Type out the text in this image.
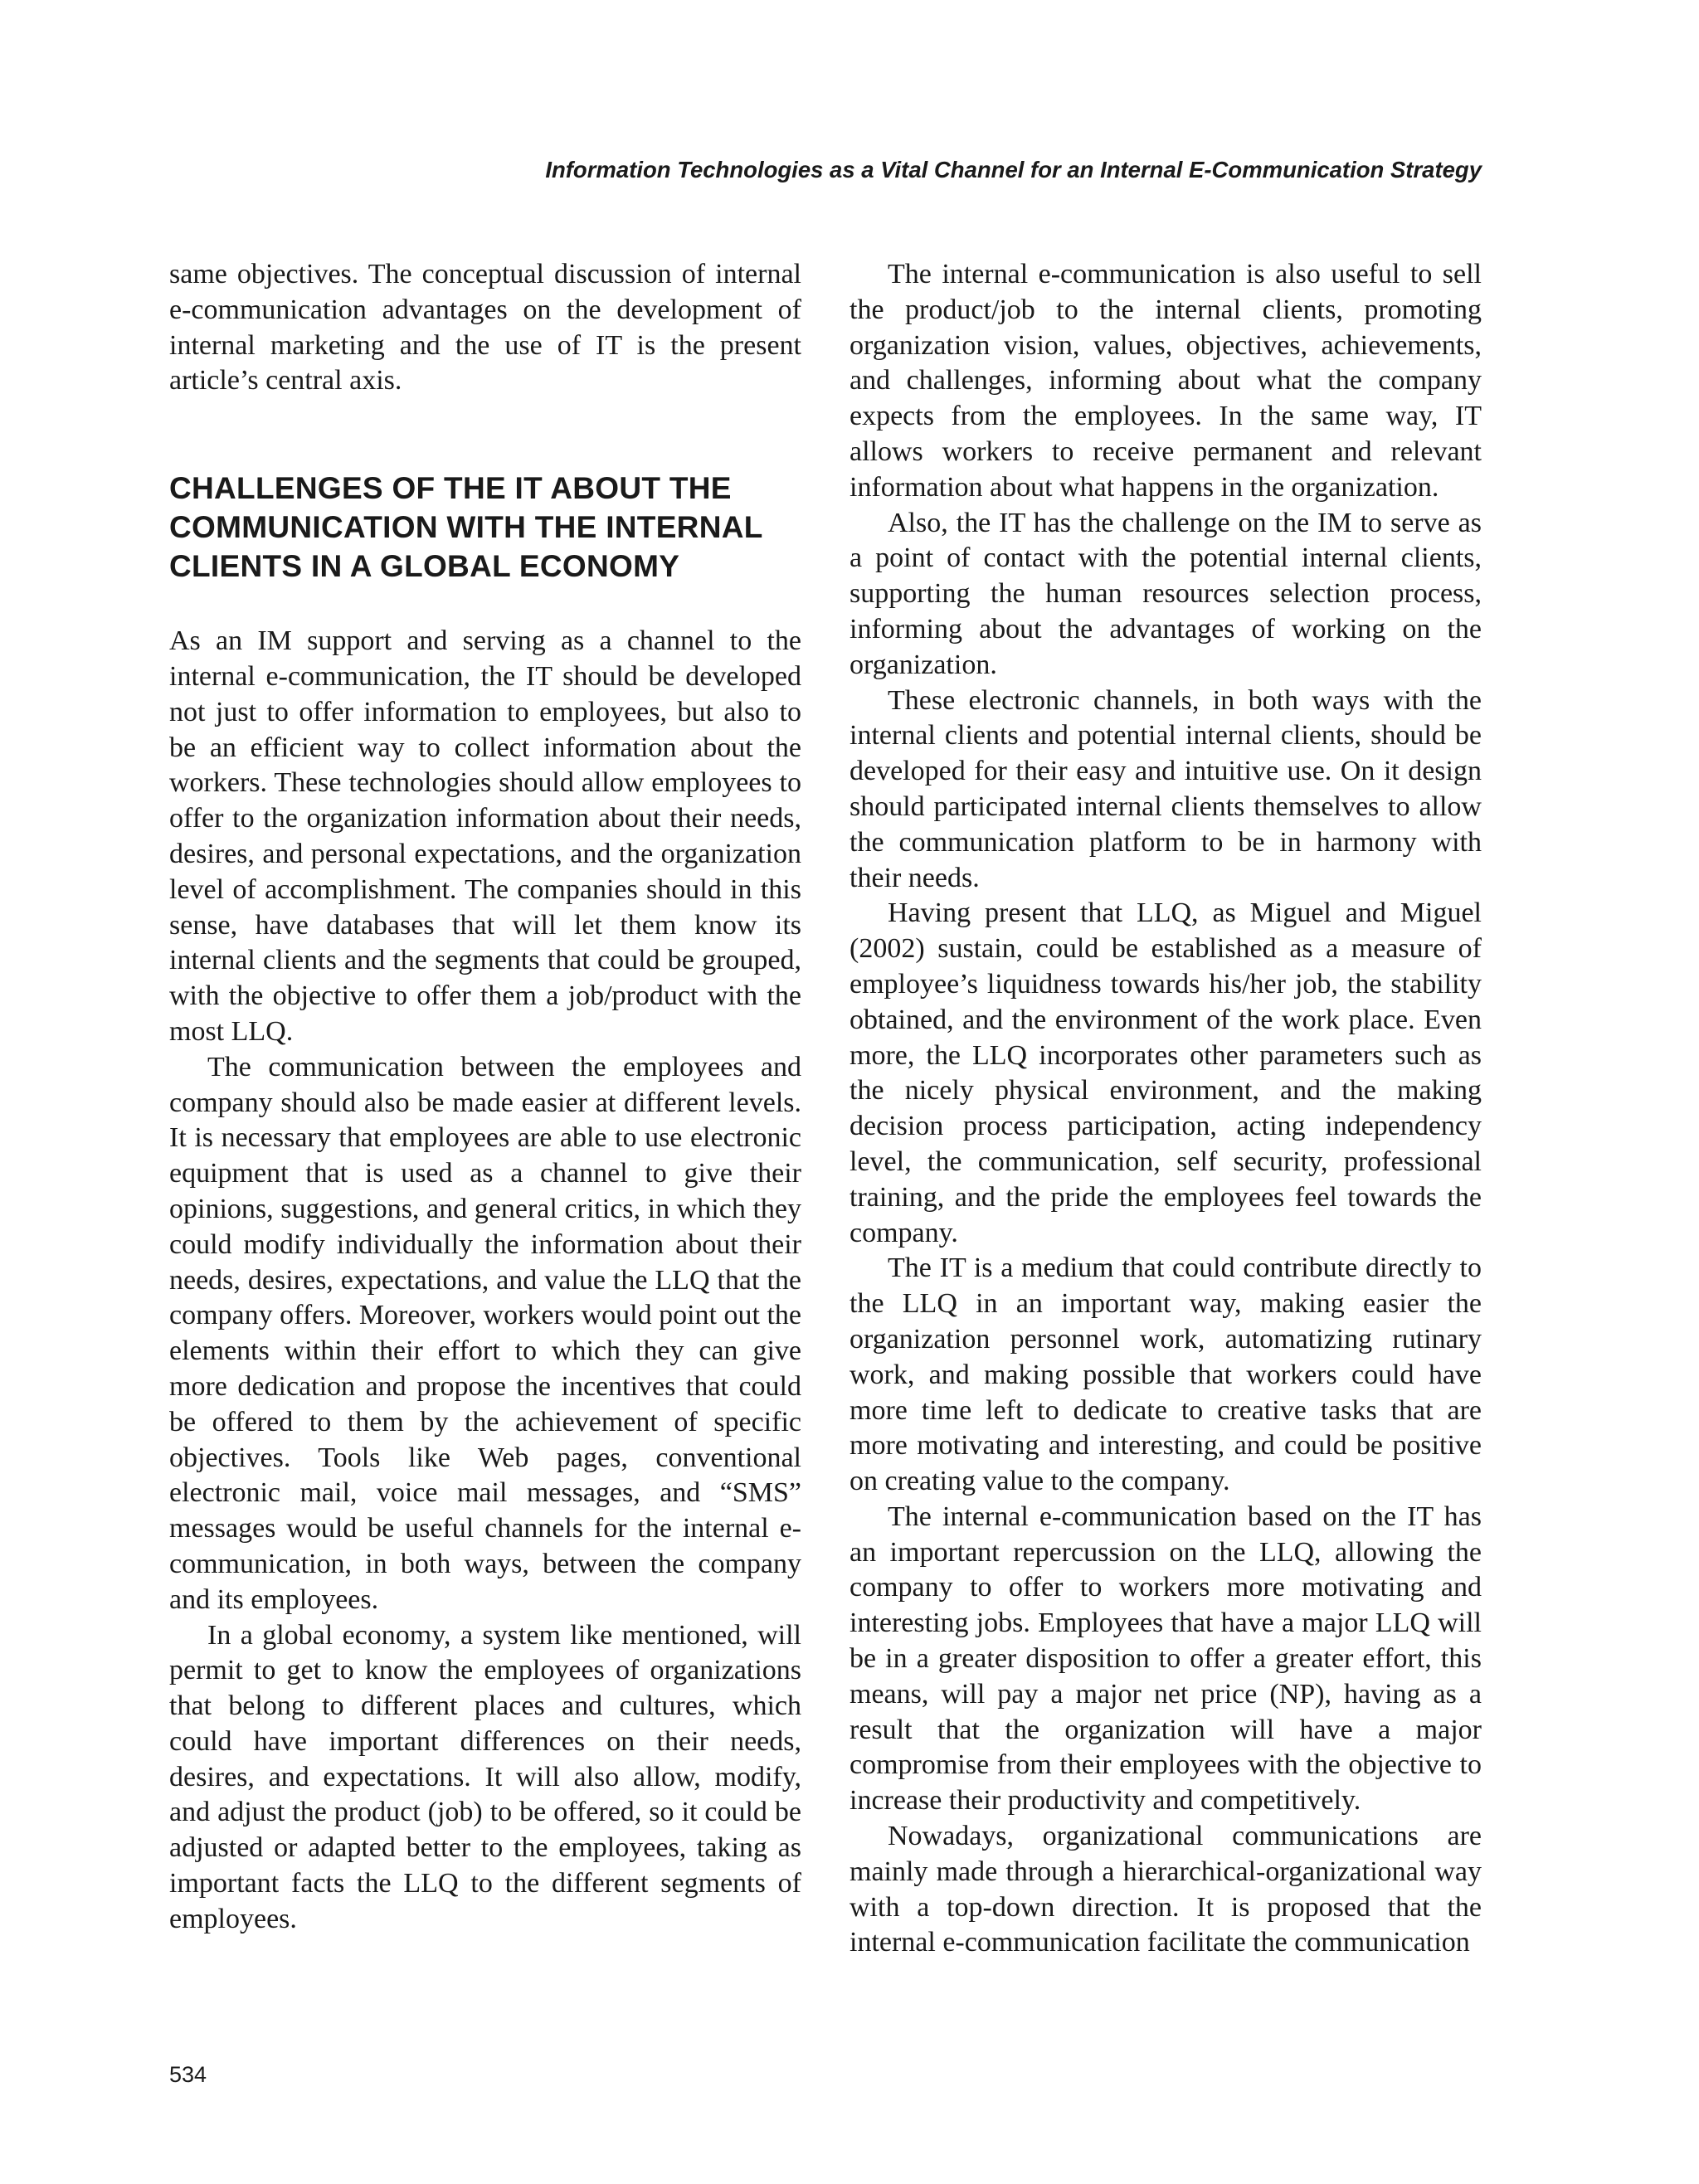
Information Technologies as a Vital Channel for an Internal E-Communication Strategy

same objectives. The conceptual discussion of internal e-communication advantages on the development of internal marketing and the use of IT is the present article’s central axis.

CHALLENGES OF THE IT ABOUT THE COMMUNICATION WITH THE INTERNAL CLIENTS IN A GLOBAL ECONOMY

As an IM support and serving as a channel to the internal e-communication, the IT should be developed not just to offer information to employees, but also to be an efficient way to collect information about the workers. These technologies should allow employees to offer to the organization information about their needs, desires, and personal expectations, and the organization level of accomplishment. The companies should in this sense, have databases that will let them know its internal clients and the segments that could be grouped, with the objective to offer them a job/product with the most LLQ.

The communication between the employees and company should also be made easier at different levels. It is necessary that employees are able to use electronic equipment that is used as a channel to give their opinions, suggestions, and general critics, in which they could modify individually the information about their needs, desires, expectations, and value the LLQ that the company offers. Moreover, workers would point out the elements within their effort to which they can give more dedication and propose the incentives that could be offered to them by the achievement of specific objectives. Tools like Web pages, conventional electronic mail, voice mail messages, and “SMS” messages would be useful channels for the internal e-communication, in both ways, between the company and its employees.

In a global economy, a system like mentioned, will permit to get to know the employees of organizations that belong to different places and cultures, which could have important differences on their needs, desires, and expectations. It will also allow, modify, and adjust the product (job) to be offered, so it could be adjusted or adapted better to the employees, taking as important facts the LLQ to the different segments of employees.

The internal e-communication is also useful to sell the product/job to the internal clients, promoting organization vision, values, objectives, achievements, and challenges, informing about what the company expects from the employees. In the same way, IT allows workers to receive permanent and relevant information about what happens in the organization.

Also, the IT has the challenge on the IM to serve as a point of contact with the potential internal clients, supporting the human resources selection process, informing about the advantages of working on the organization.

These electronic channels, in both ways with the internal clients and potential internal clients, should be developed for their easy and intuitive use. On it design should participated internal clients themselves to allow the communication platform to be in harmony with their needs.

Having present that LLQ, as Miguel and Miguel (2002) sustain, could be established as a measure of employee’s liquidness towards his/her job, the stability obtained, and the environment of the work place. Even more, the LLQ incorporates other parameters such as the nicely physical environment, and the making decision process participation, acting independency level, the communication, self security, professional training, and the pride the employees feel towards the company.

The IT is a medium that could contribute directly to the LLQ in an important way, making easier the organization personnel work, automatizing rutinary work, and making possible that workers could have more time left to dedicate to creative tasks that are more motivating and interesting, and could be positive on creating value to the company.

The internal e-communication based on the IT has an important repercussion on the LLQ, allowing the company to offer to workers more motivating and interesting jobs. Employees that have a major LLQ will be in a greater disposition to offer a greater effort, this means, will pay a major net price (NP), having as a result that the organization will have a major compromise from their employees with the objective to increase their productivity and competitively.

Nowadays, organizational communications are mainly made through a hierarchical-organizational way with a top-down direction. It is proposed that the internal e-communication facilitate the communication

534
